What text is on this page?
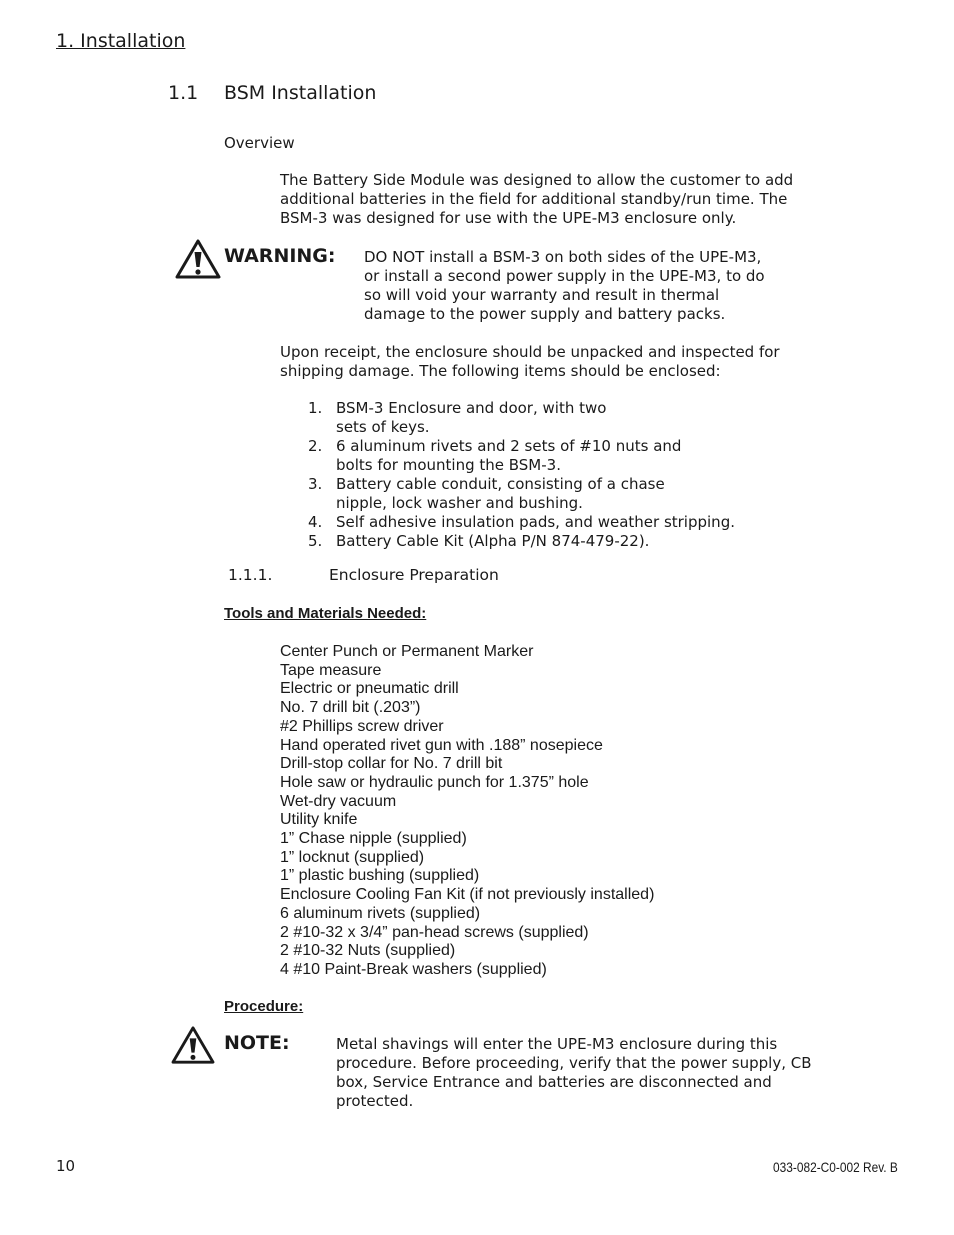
1. Installation
1.1 BSM Installation
Overview
The Battery Side Module was designed to allow the customer to add
additional batteries in the field for additional standby/run time. The
BSM-3 was designed for use with the UPE-M3 enclosure only.
WARNING: DO NOT install a BSM-3 on both sides of the UPE-M3,
or install a second power supply in the UPE-M3, to do
so will void your warranty and result in thermal
damage to the power supply and battery packs.
Upon receipt, the enclosure should be unpacked and inspected for
shipping damage. The following items should be enclosed:
1. BSM-3 Enclosure and door, with two
sets of keys.
2. 6 aluminum rivets and 2 sets of #10 nuts and
bolts for mounting the BSM-3.
3. Battery cable conduit, consisting of a chase
nipple, lock washer and bushing.
4. Self adhesive insulation pads, and weather stripping.
5. Battery Cable Kit (Alpha P/N 874-479-22).
1.1.1.	Enclosure Preparation
Tools and Materials Needed:
Center Punch or Permanent Marker
Tape measure
Electric or pneumatic drill
No. 7 drill bit (.203”)
#2 Phillips screw driver
Hand operated rivet gun with .188” nosepiece
Drill-stop collar for No. 7 drill bit
Hole saw or hydraulic punch for 1.375” hole
Wet-dry vacuum
Utility knife
1” Chase nipple (supplied)
1” locknut (supplied)
1” plastic bushing (supplied)
Enclosure Cooling Fan Kit (if not previously installed)
6 aluminum rivets (supplied)
2 #10-32 x 3/4” pan-head screws (supplied)
2 #10-32 Nuts (supplied)
4 #10 Paint-Break washers (supplied)
Procedure:
NOTE:	Metal shavings will enter the UPE-M3 enclosure during this
procedure. Before proceeding, verify that the power supply, CB
box, Service Entrance and batteries are disconnected and
protected.
10	033-082-C0-002 Rev. B
